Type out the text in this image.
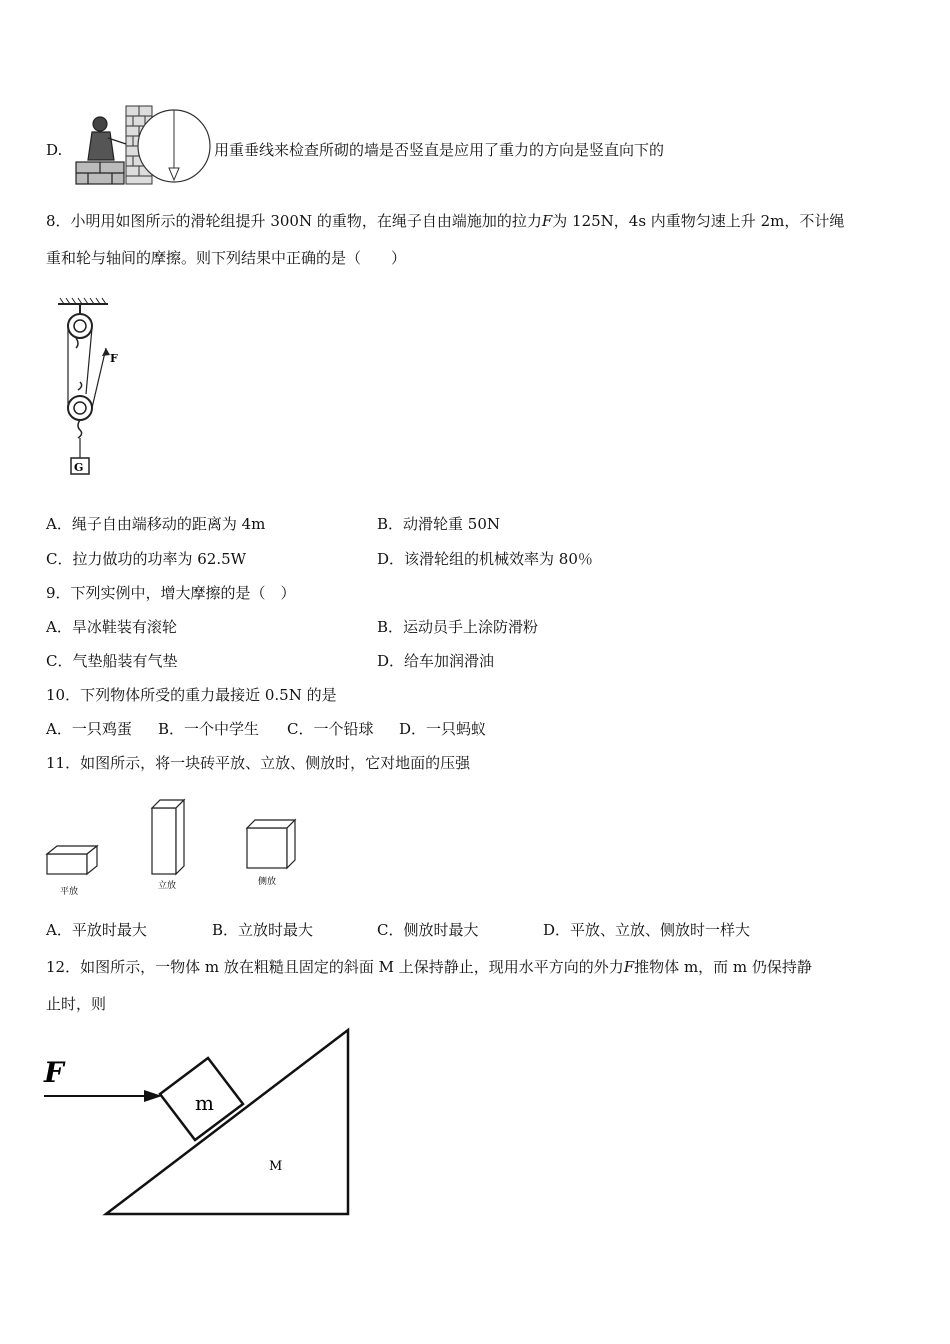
D.	用重垂线来检查所砌的墙是否竖直是应用了重力的方向是竖直向下的
8．小明用如图所示的滑轮组提升 300N 的重物，在绳子自由端施加的拉力F为 125N，4s 内重物匀速上升 2m，不计绳
重和轮与轴间的摩擦。则下列结果中正确的是（　　）
F
G
A．绳子自由端移动的距离为 4m	B．动滑轮重 50N
C．拉力做功的功率为 62.5W	D．该滑轮组的机械效率为 80％
9．下列实例中，增大摩擦的是（　）
A．旱冰鞋装有滚轮	B．运动员手上涂防滑粉
C．气垫船装有气垫	D．给车加润滑油
10．下列物体所受的重力最接近 0.5N 的是
A．一只鸡蛋 B．一个中学生 C．一个铅球 D．一只蚂蚁
11．如图所示，将一块砖平放、立放、侧放时，它对地面的压强
平放
立放	侧放
A．平放时最大	B．立放时最大	C．侧放时最大	D．平放、立放、侧放时一样大
12．如图所示，一物体 m 放在粗糙且固定的斜面 M 上保持静止，现用水平方向的外力F推物体 m，而 m 仍保持静
止时，则
F
m
M
